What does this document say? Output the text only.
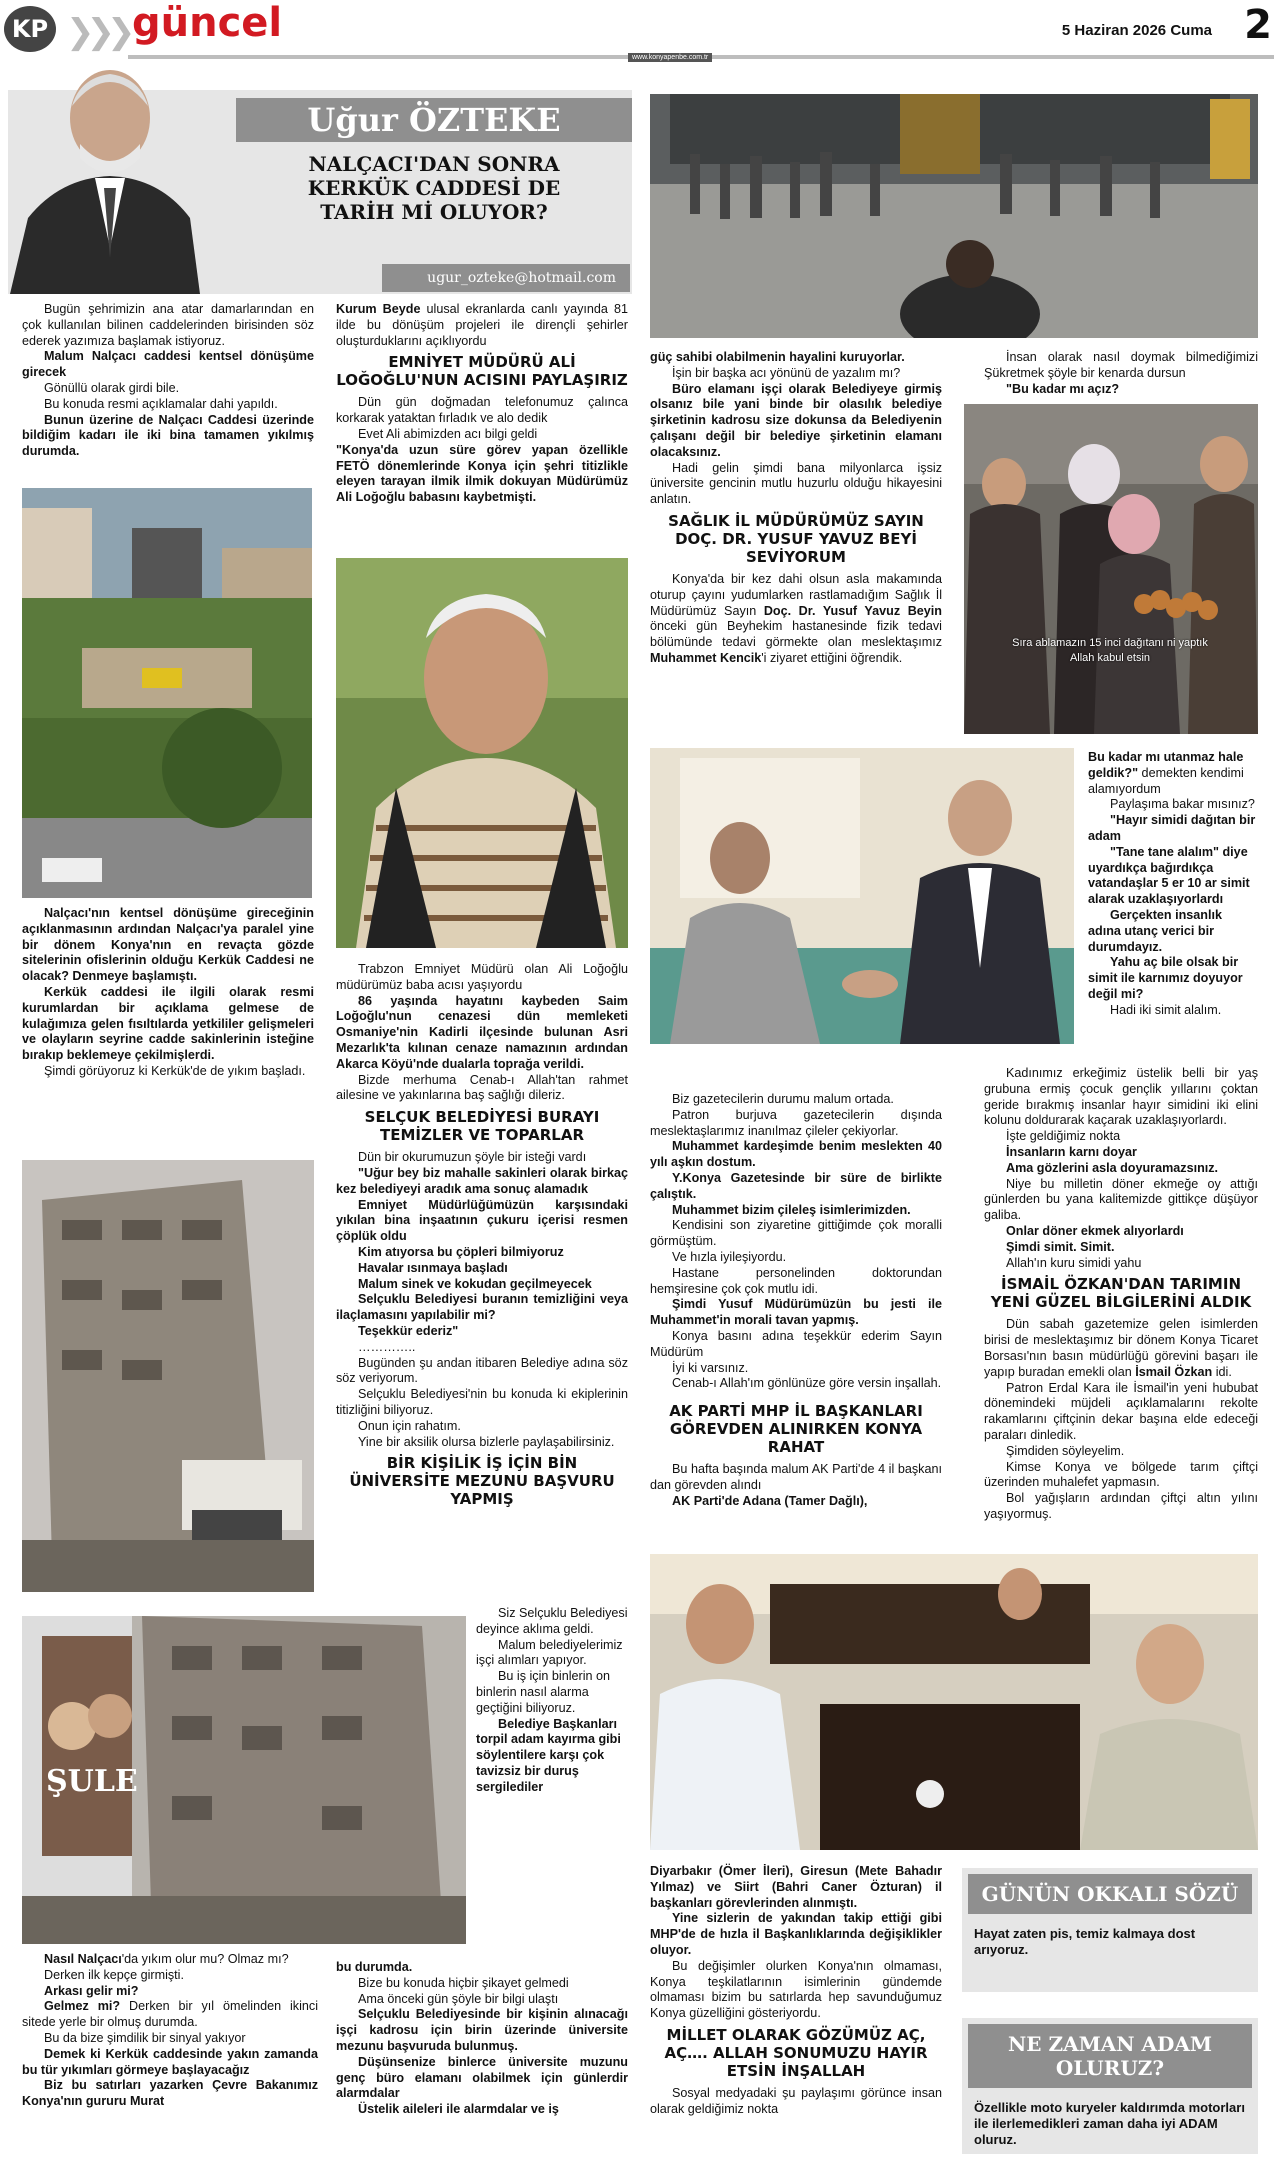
KP ❯❯❯ güncel	5 Haziran 2026 Cuma 2
www.konyapenbe.com.tr
Uğur ÖZTEKE
NALÇACI'DAN SONRA KERKÜK CADDESİ DE TARİH Mİ OLUYOR?
ugur_ozteke@hotmail.com

Bugün şehrimizin ana atar damarlarından en çok kullanılan bilinen caddelerinden birisinden söz ederek yazımıza başlamak istiyoruz.

Malum Nalçacı caddesi kentsel dönüşüme girecek

Gönüllü olarak girdi bile.

Bu konuda resmi açıklamalar dahi yapıldı.

Bunun üzerine de Nalçacı Caddesi üzerinde bildiğim kadarı ile iki bina tamamen yıkılmış durumda.

Nalçacı'nın kentsel dönüşüme gireceğinin açıklanmasının ardından Nalçacı'ya paralel yine bir dönem Konya'nın en revaçta gözde sitelerinin ofislerinin olduğu Kerkük Caddesi ne olacak? Denmeye başlamıştı.

Kerkük caddesi ile ilgili olarak resmi kurumlardan bir açıklama gelmese de kulağımıza gelen fısıltılarda yetkililer gelişmeleri ve olayların seyrine cadde sakinlerinin isteğine bırakıp beklemeye çekilmişlerdi.

Şimdi görüyoruz ki Kerkük'de de yıkım başladı.

ŞULE

Nasıl Nalçacı'da yıkım olur mu? Olmaz mı?

Derken ilk kepçe girmişti.

Arkası gelir mi?

Gelmez mi? Derken bir yıl ömelinden ikinci sitede yerle bir olmuş durumda.

Bu da bize şimdilik bir sinyal yakıyor

Demek ki Kerkük caddesinde yakın zamanda bu tür yıkımları görmeye başlayacağız

Biz bu satırları yazarken Çevre Bakanımız Konya'nın gururu Murat

Kurum Beyde ulusal ekranlarda canlı yayında 81 ilde bu dönüşüm projeleri ile dirençli şehirler oluşturduklarını açıklıyordu

EMNİYET MÜDÜRÜ ALİ LOĞOĞLU'NUN ACISINI PAYLAŞIRIZ

Dün gün doğmadan telefonumuz çalınca korkarak yataktan fırladık ve alo dedik

Evet Ali abimizden acı bilgi geldi

"Konya'da uzun süre görev yapan özellikle FETÖ dönemlerinde Konya için şehri titizlikle eleyen tarayan ilmik ilmik dokuyan Müdürümüz Ali Loğoğlu babasını kaybetmişti.

Trabzon Emniyet Müdürü olan Ali Loğoğlu müdürümüz baba acısı yaşıyordu

86 yaşında hayatını kaybeden Saim Loğoğlu'nun cenazesi dün memleketi Osmaniye'nin Kadirli ilçesinde bulunan Asri Mezarlık'ta kılınan cenaze namazının ardından Akarca Köyü'nde dualarla toprağa verildi.

Bizde merhuma Cenab-ı Allah'tan rahmet ailesine ve yakınlarına baş sağlığı dileriz.

SELÇUK BELEDİYESİ BURAYI TEMİZLER VE TOPARLAR

Dün bir okurumuzun şöyle bir isteği vardı

"Uğur bey biz mahalle sakinleri olarak birkaç kez belediyeyi aradık ama sonuç alamadık

Emniyet Müdürlüğümüzün karşısındaki yıkılan bina inşaatının çukuru içerisi resmen çöplük oldu

Kim atıyorsa bu çöpleri bilmiyoruz

Havalar ısınmaya başladı

Malum sinek ve kokudan geçilmeyecek

Selçuklu Belediyesi buranın temizliğini veya ilaçlamasını yapılabilir mi?

Teşekkür ederiz"

…………..

Bugünden şu andan itibaren Belediye adına söz söz veriyorum.

Selçuklu Belediyesi'nin bu konuda ki ekiplerinin titizliğini biliyoruz.

Onun için rahatım.

Yine bir aksilik olursa bizlerle paylaşabilirsiniz.

BİR KİŞİLİK İŞ İÇİN BİN ÜNİVERSİTE MEZUNU BAŞVURU YAPMIŞ

Siz Selçuklu Belediyesi deyince aklıma geldi.

Malum belediyelerimiz işçi alımları yapıyor.

Bu iş için binlerin on binlerin nasıl alarma geçtiğini biliyoruz.

Belediye Başkanları torpil adam kayırma gibi söylentilere karşı çok tavizsiz bir duruş sergilediler

bu durumda.

Bize bu konuda hiçbir şikayet gelmedi

Ama önceki gün şöyle bir bilgi ulaştı

Selçuklu Belediyesinde bir kişinin alınacağı işçi kadrosu için birin üzerinde üniversite mezunu başvuruda bulunmuş.

Düşünsenize binlerce üniversite muzunu genç büro elamanı olabilmek için günlerdir alarmdalar

Üstelik aileleri ile alarmdalar ve iş

güç sahibi olabilmenin hayalini kuruyorlar.

İşin bir başka acı yönünü de yazalım mı?

Büro elamanı işçi olarak Belediyeye girmiş olsanız bile yani binde bir olasılık belediye şirketinin kadrosu size dokunsa da Belediyenin çalışanı değil bir belediye şirketinin elamanı olacaksınız.

Hadi gelin şimdi bana milyonlarca işsiz üniversite gencinin mutlu huzurlu olduğu hikayesini anlatın.

SAĞLIK İL MÜDÜRÜMÜZ SAYIN DOÇ. DR. YUSUF YAVUZ BEYİ SEVİYORUM

Konya'da bir kez dahi olsun asla makamında oturup çayını yudumlarken rastlamadığım Sağlık İl Müdürümüz Sayın Doç. Dr. Yusuf Yavuz Beyin önceki gün Beyhekim hastanesinde fizik tedavi bölümünde tedavi görmekte olan meslektaşımız Muhammet Kencik'i ziyaret ettiğini öğrendik.

Bu kadar mı utanmaz hale geldik?" demekten kendimi alamıyordum

Paylaşıma bakar mısınız?

"Hayır simidi dağıtan bir adam

"Tane tane alalım" diye uyardıkça bağırdıkça vatandaşlar 5 er 10 ar simit alarak uzaklaşıyorlardı

Gerçekten insanlık adına utanç verici bir durumdayız.

Yahu aç bile olsak bir simit ile karnımız doyuyor değil mi?

Hadi iki simit alalım.

Biz gazetecilerin durumu malum ortada.

Patron burjuva gazetecilerin dışında meslektaşlarımız inanılmaz çileler çekiyorlar.

Muhammet kardeşimde benim meslekten 40 yılı aşkın dostum.

Y.Konya Gazetesinde bir süre de birlikte çalıştık.

Muhammet bizim çileleş isimlerimizden.

Kendisini son ziyaretine gittiğimde çok moralli görmüştüm.

Ve hızla iyileşiyordu.

Hastane personelinden doktorundan hemşiresine çok çok mutlu idi.

Şimdi Yusuf Müdürümüzün bu jesti ile Muhammet'in morali tavan yapmış.

Konya basını adına teşekkür ederim Sayın Müdürüm

İyi ki varsınız.

Cenab-ı Allah'ım gönlünüze göre versin inşallah.

AK PARTİ MHP İL BAŞKANLARI GÖREVDEN ALINIRKEN KONYA RAHAT

Bu hafta başında malum AK Parti'de 4 il başkanı dan görevden alındı

AK Parti'de Adana (Tamer Dağlı),

Diyarbakır (Ömer İleri), Giresun (Mete Bahadır Yılmaz) ve Siirt (Bahri Caner Özturan) il başkanları görevlerinden alınmıştı.

Yine sizlerin de yakından takip ettiği gibi MHP'de de hızla il Başkanlıklarında değişiklikler oluyor.

Bu değişimler olurken Konya'nın olmaması, Konya teşkilatlarının isimlerinin gündemde olmaması bizim bu satırlarda hep savunduğumuz Konya güzelliğini gösteriyordu.

MİLLET OLARAK GÖZÜMÜZ AÇ, AÇ…. ALLAH SONUMUZU HAYIR ETSİN İNŞALLAH

Sosyal medyadaki şu paylaşımı görünce insan olarak geldiğimiz nokta

İnsan olarak nasıl doymak bilmediğimizi Şükretmek şöyle bir kenarda dursun

"Bu kadar mı açız?

Sıra ablamazın 15 inci dağıtanı ni yaptık Allah kabul etsin

Kadınımız erkeğimiz üstelik belli bir yaş grubuna ermiş çocuk gençlik yıllarını çoktan geride bırakmış insanlar hayır simidini iki elini kolunu doldurarak kaçarak uzaklaşıyorlardı.

İşte geldiğimiz nokta

İnsanların karnı doyar

Ama gözlerini asla doyuramazsınız.

Niye bu milletin döner ekmeğe oy attığı günlerden bu yana kalitemizde gittikçe düşüyor galiba.

Onlar döner ekmek alıyorlardı

Şimdi simit. Simit.

Allah'ın kuru simidi yahu

İSMAİL ÖZKAN'DAN TARIMIN YENİ GÜZEL BİLGİLERİNİ ALDIK

Dün sabah gazetemize gelen isimlerden birisi de meslektaşımız bir dönem Konya Ticaret Borsası'nın basın müdürlüğü görevini başarı ile yapıp buradan emekli olan İsmail Özkan idi.

Patron Erdal Kara ile İsmail'in yeni hububat dönemindeki müjdeli açıklamalarını rekolte rakamlarını çiftçinin dekar başına elde edeceği paraları dinledik.

Şimdiden söyleyelim.

Kimse Konya ve bölgede tarım çiftçi üzerinden muhalefet yapmasın.

Bol yağışların ardından çiftçi altın yılını yaşıyormuş.

GÜNÜN OKKALI SÖZÜ
Hayat zaten pis, temiz kalmaya dost arıyoruz.
NE ZAMAN ADAM OLURUZ?
Özellikle moto kuryeler kaldırımda motorları ile ilerlemedikleri zaman daha iyi ADAM oluruz.
